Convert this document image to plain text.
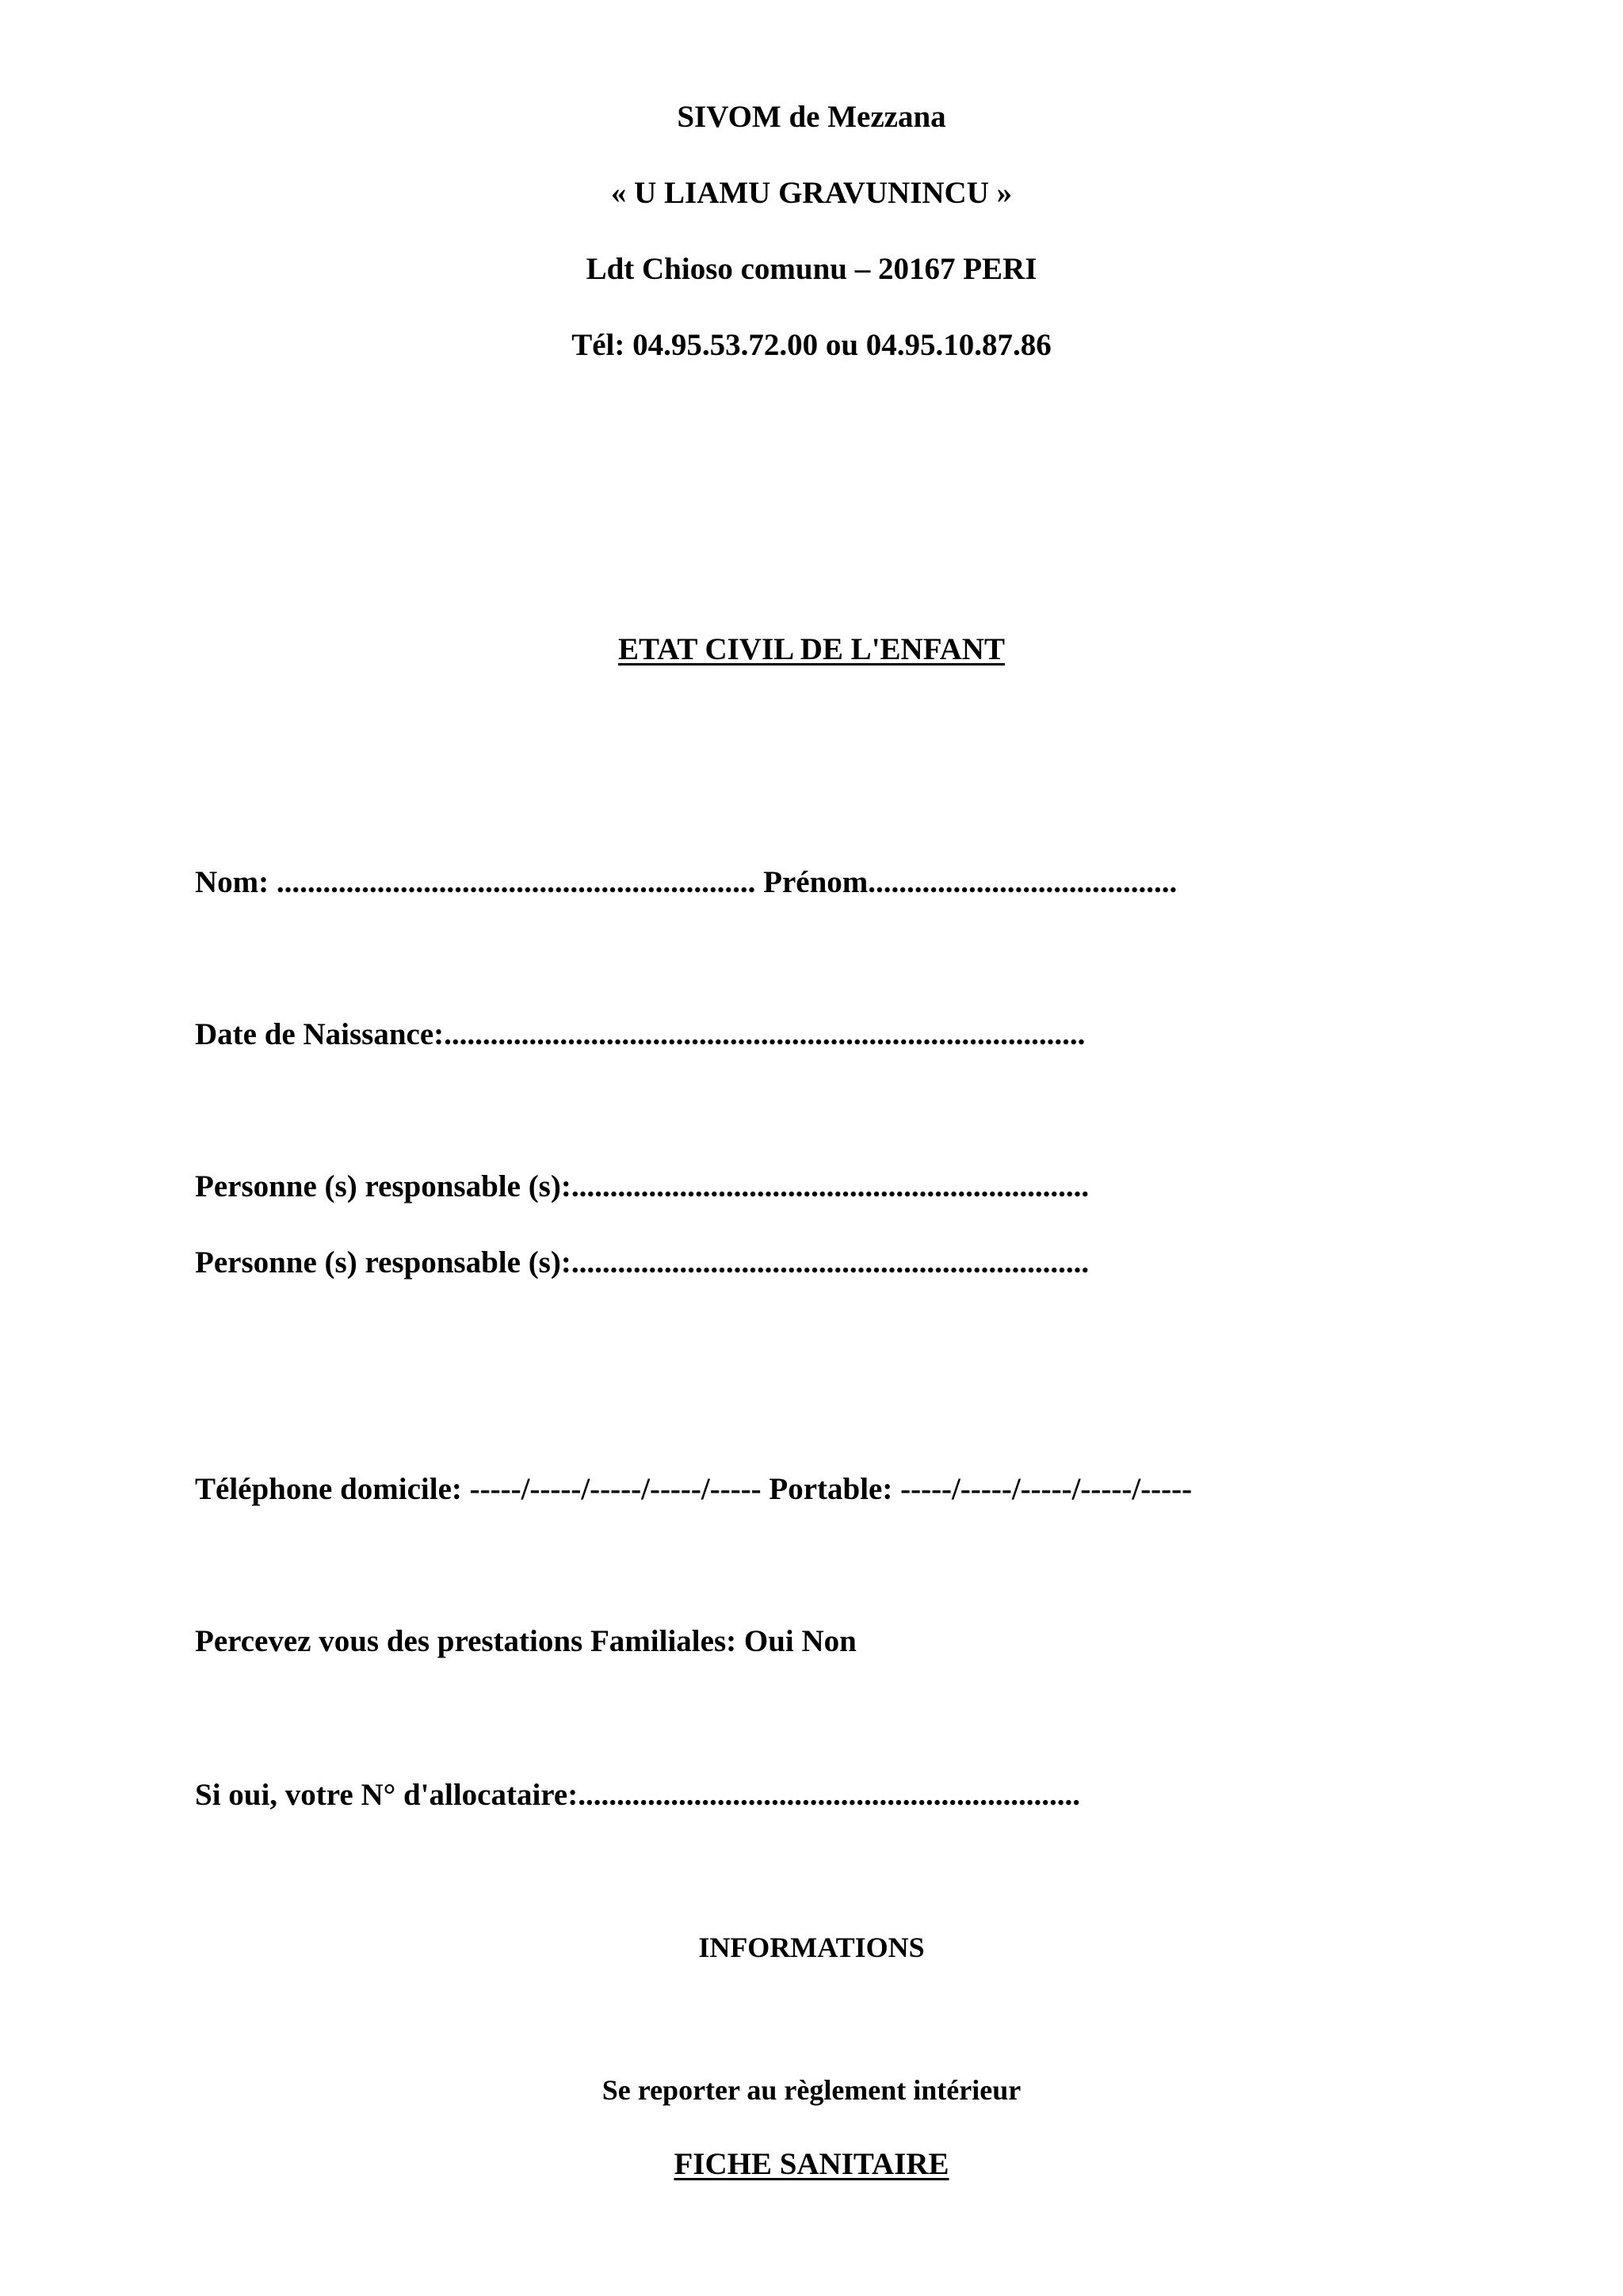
SIVOM de Mezzana

« U LIAMU GRAVUNINCU »

Ldt Chioso comunu – 20167 PERI

Tél: 04.95.53.72.00 ou 04.95.10.87.86

ETAT CIVIL DE L'ENFANT

Nom: .............................................................. Prénom........................................

Date de Naissance:...................................................................................

Personne (s) responsable (s):...................................................................

Personne (s) responsable (s):...................................................................

Téléphone domicile: -----/-----/-----/-----/----- Portable: -----/-----/-----/-----/-----

Percevez vous des prestations Familiales: Oui Non

Si oui, votre N° d'allocataire:.................................................................

INFORMATIONS

Se reporter au règlement intérieur

FICHE SANITAIRE
